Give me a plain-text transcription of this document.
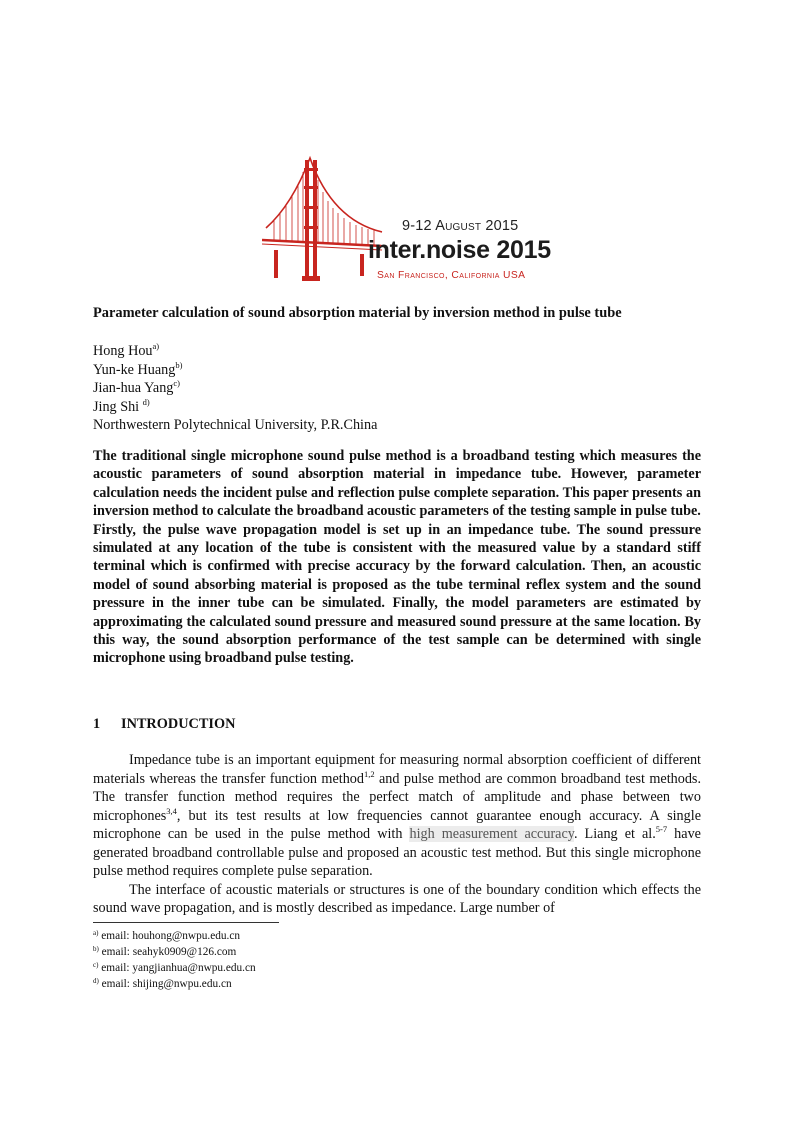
9-12 August 2015
inter.noise 2015
San Francisco, California USA
Parameter calculation of sound absorption material by inversion method in pulse tube
Hong Hou$^{a)}$
Yun-ke Huang$^{b)}$
Jian-hua Yang$^{c)}$
Jing Shi $^{d)}$
Northwestern Polytechnical University, P.R.China

The traditional single microphone sound pulse method is a broadband testing which measures the acoustic parameters of sound absorption material in impedance tube. However, parameter calculation needs the incident pulse and reflection pulse complete separation. This paper presents an inversion method to calculate the broadband acoustic parameters of the testing sample in pulse tube.

Firstly, the pulse wave propagation model is set up in an impedance tube. The sound pressure simulated at any location of the tube is consistent with the measured value by a standard stiff terminal which is confirmed with precise accuracy by the forward calculation. Then, an acoustic model of sound absorbing material is proposed as the tube terminal reflex system and the sound pressure in the inner tube can be simulated. Finally, the model parameters are estimated by approximating the calculated sound pressure and measured sound pressure at the same location. By this way, the sound absorption performance of the test sample can be determined with single microphone using broadband pulse testing.

1 INTRODUCTION

Impedance tube is an important equipment for measuring normal absorption coefficient of different materials whereas the transfer function method$^{1,2}$ and pulse method are common broadband test methods. The transfer function method requires the perfect match of amplitude and phase between two microphones$^{3,4}$, but its test results at low frequencies cannot guarantee enough accuracy. A single microphone can be used in the pulse method with high measurement accuracy. Liang et al.$^{5-7}$ have generated broadband controllable pulse and proposed an acoustic test method. But this single microphone pulse method requires complete pulse separation.

The interface of acoustic materials or structures is one of the boundary condition which effects the sound wave propagation, and is mostly described as impedance. Large number of

$^{a)}$ email: houhong@nwpu.edu.cn
$^{b)}$ email: seahyk0909@126.com
$^{c)}$ email: yangjianhua@nwpu.edu.cn
$^{d)}$ email: shijing@nwpu.edu.cn
